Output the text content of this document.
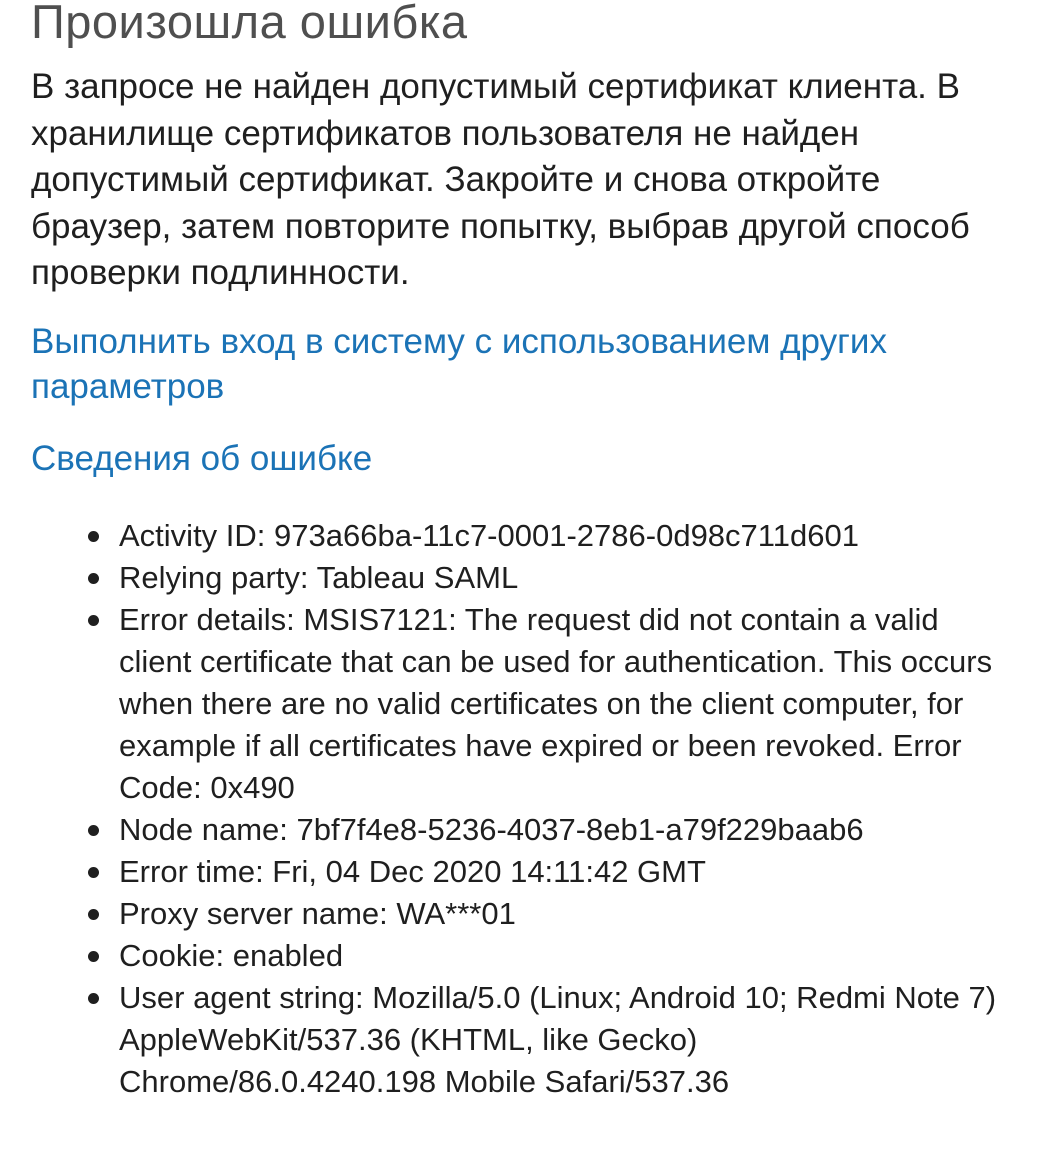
Произошла ошибка

В запросе не найден допустимый сертификат клиента. В хранилище сертификатов пользователя не найден допустимый сертификат. Закройте и снова откройте браузер, затем повторите попытку, выбрав другой способ проверки подлинности.

Выполнить вход в систему с использованием других параметров
Сведения об ошибке
Activity ID: 973a66ba-11c7-0001-2786-0d98c711d601
Relying party: Tableau SAML
Error details: MSIS7121: The request did not contain a valid client certificate that can be used for authentication. This occurs when there are no valid certificates on the client computer, for example if all certificates have expired or been revoked. Error Code: 0x490
Node name: 7bf7f4e8-5236-4037-8eb1-a79f229baab6
Error time: Fri, 04 Dec 2020 14:11:42 GMT
Proxy server name: WA***01
Cookie: enabled
User agent string: Mozilla/5.0 (Linux; Android 10; Redmi Note 7) AppleWebKit/537.36 (KHTML, like Gecko) Chrome/86.0.4240.198 Mobile Safari/537.36
